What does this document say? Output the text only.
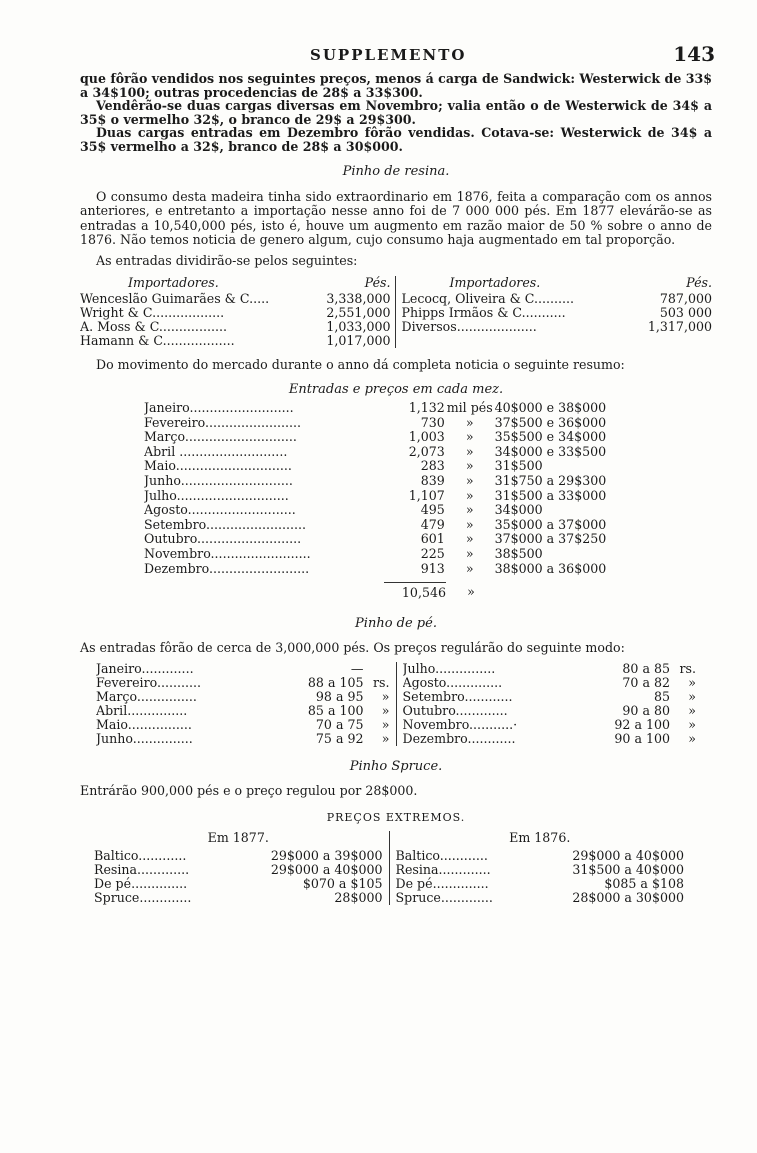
SUPPLEMENTO	143

que fôrão vendidos nos seguintes preços, menos á carga de Sandwick: Westerwick de 33$ a 34$100; outras procedencias de 28$ a 33$300.

Vendêrão-se duas cargas diversas em Novembro; valia então o de Westerwick de 34$ a 35$ o vermelho 32$, o branco de 29$ a 29$300.

Duas cargas entradas em Dezembro fôrão vendidas. Cotava-se: Westerwick de 34$ a 35$ vermelho a 32$, branco de 28$ a 30$000.

Pinho de resina.

O consumo desta madeira tinha sido extraordinario em 1876, feita a comparação com os annos anteriores, e entretanto a importação nesse anno foi de 7 000 000 pés. Em 1877 elevárão-se as entradas a 10,540,000 pés, isto é, houve um augmento em razão maior de 50 % sobre o anno de 1876. Não temos noticia de genero algum, cujo consumo haja augmentado em tal proporção.

As entradas dividirão-se pelos seguintes:

Importadores.	Pés.
Wenceslão Guimarães & C.....	3,338,000
Wright & C..................	2,551,000
A. Moss & C.................	1,033,000
Hamann & C..................	1,017,000
Importadores.	Pés.
Lecocq, Oliveira & C..........	787,000
Phipps Irmãos & C...........	503 000
Diversos....................	1,317,000

Do movimento do mercado durante o anno dá completa noticia o seguinte resumo:

Entradas e preços em cada mez.
Janeiro..........................	1,132 mil pés 40$000 e 38$000
Fevereiro........................	730	»	37$500 e 36$000
Março............................	1,003	»	35$500 e 34$000
Abril ...........................	2,073	»	34$000 e 33$500
Maio.............................	283	»	31$500
Junho............................	839	»	31$750 a 29$300
Julho............................	1,107	»	31$500 a 33$000
Agosto...........................	495	»	34$000
Setembro.........................	479	»	35$000 a 37$000
Outubro..........................	601	»	37$000 a 37$250
Novembro.........................	225	»	38$500
Dezembro.........................	913	»	38$000 a 36$000
10,546	»
Pinho de pé.

As entradas fôrão de cerca de 3,000,000 pés. Os preços regulárão do seguinte modo:

Janeiro.............	—
Fevereiro...........	88 a 105 rs.
Março...............	98 a 95	»
Abril...............	85 a 100	»
Maio................	70 a 75	»
Junho...............	75 a 92	»
Julho...............	80 a 85 rs.
Agosto..............	70 a 82	»
Setembro............	85	»
Outubro.............	90 a 80	»
Novembro...........·	92 a 100	»
Dezembro............	90 a 100	»
Pinho Spruce.

Entrárão 900,000 pés e o preço regulou por 28$000.

PREÇOS EXTREMOS.
Em 1877.
Baltico............	29$000 a 39$000
Resina.............	29$000 a 40$000
De pé..............	$070 a $105
Spruce.............	28$000
Em 1876.
Baltico............	29$000 a 40$000
Resina.............	31$500 a 40$000
De pé..............	$085 a $108
Spruce.............	28$000 a 30$000
